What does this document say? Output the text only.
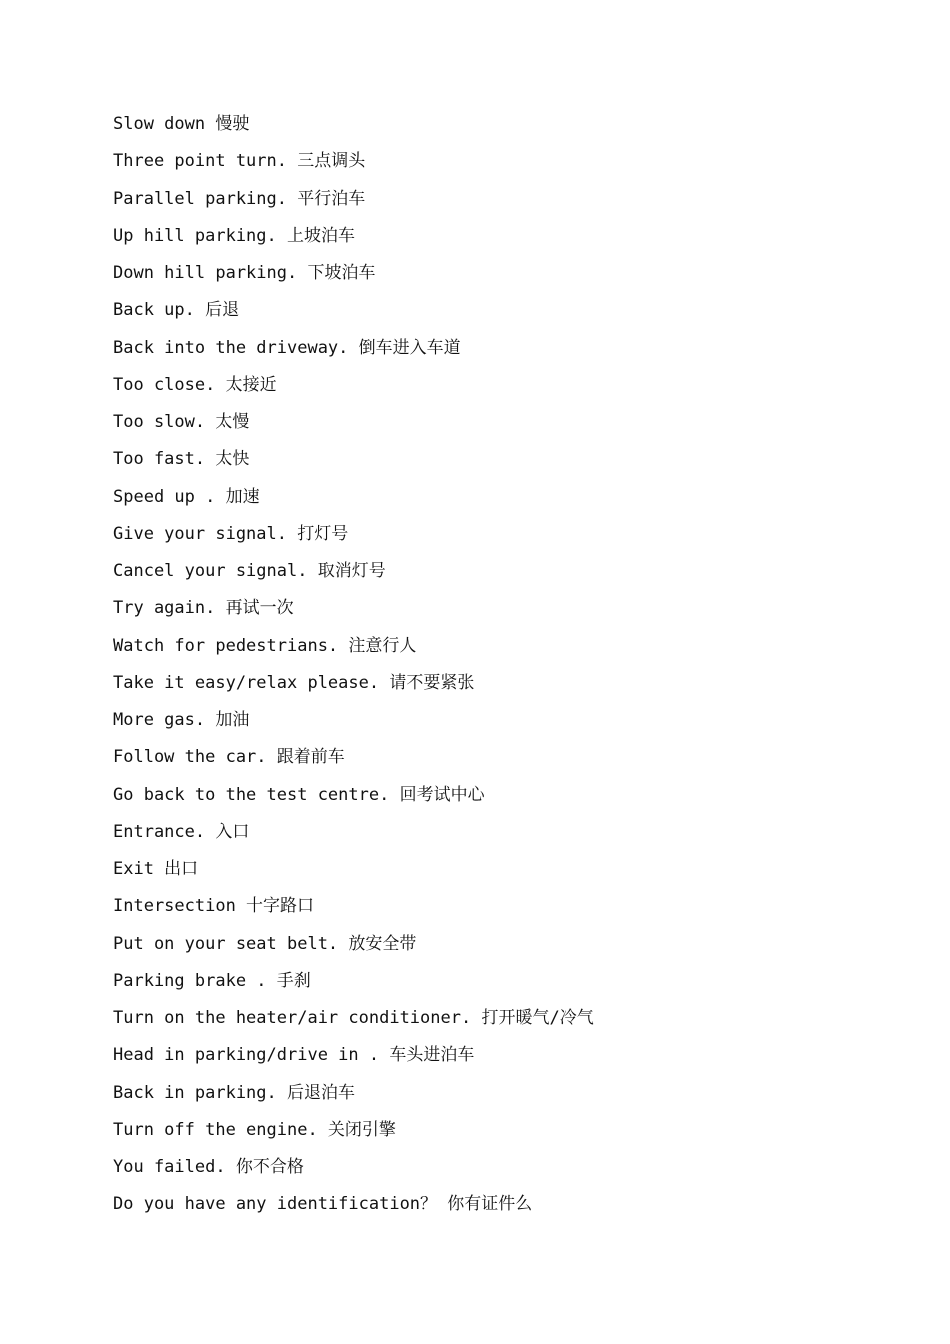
Slow down 慢驶
Three point turn. 三点调头
Parallel parking. 平行泊车
Up hill parking. 上坡泊车
Down hill parking. 下坡泊车
Back up. 后退
Back into the driveway. 倒车进入车道
Too close. 太接近
Too slow. 太慢
Too fast. 太快
Speed up . 加速
Give your signal. 打灯号
Cancel your signal. 取消灯号
Try again. 再试一次
Watch for pedestrians. 注意行人
Take it easy/relax please. 请不要紧张
More gas. 加油
Follow the car. 跟着前车
Go back to the test centre. 回考试中心
Entrance. 入口
Exit 出口
Intersection 十字路口
Put on your seat belt. 放安全带
Parking brake . 手刹
Turn on the heater/air conditioner. 打开暖气/冷气
Head in parking/drive in . 车头进泊车
Back in parking. 后退泊车
Turn off the engine. 关闭引擎
You failed. 你不合格
Do you have any identification？ 你有证件么
